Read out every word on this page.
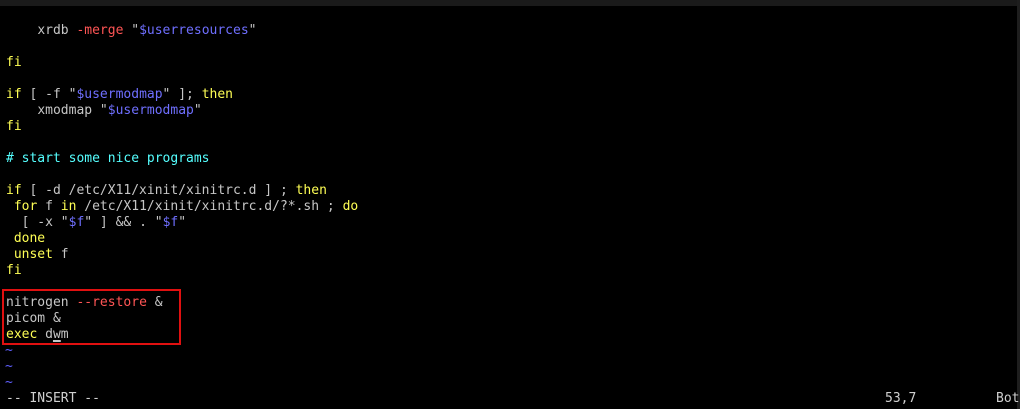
xrdb -merge "$userresources"
fi
if [ -f "$usermodmap" ]; then
xmodmap "$usermodmap"
fi
# start some nice programs
if [ -d /etc/X11/xinit/xinitrc.d ] ; then
for f in /etc/X11/xinit/xinitrc.d/?*.sh ; do
[ -x "$f" ] && . "$f"
done
unset f
fi
nitrogen --restore &
picom &
exec dwm
~
~
~
-- INSERT --	53,7	Bot
